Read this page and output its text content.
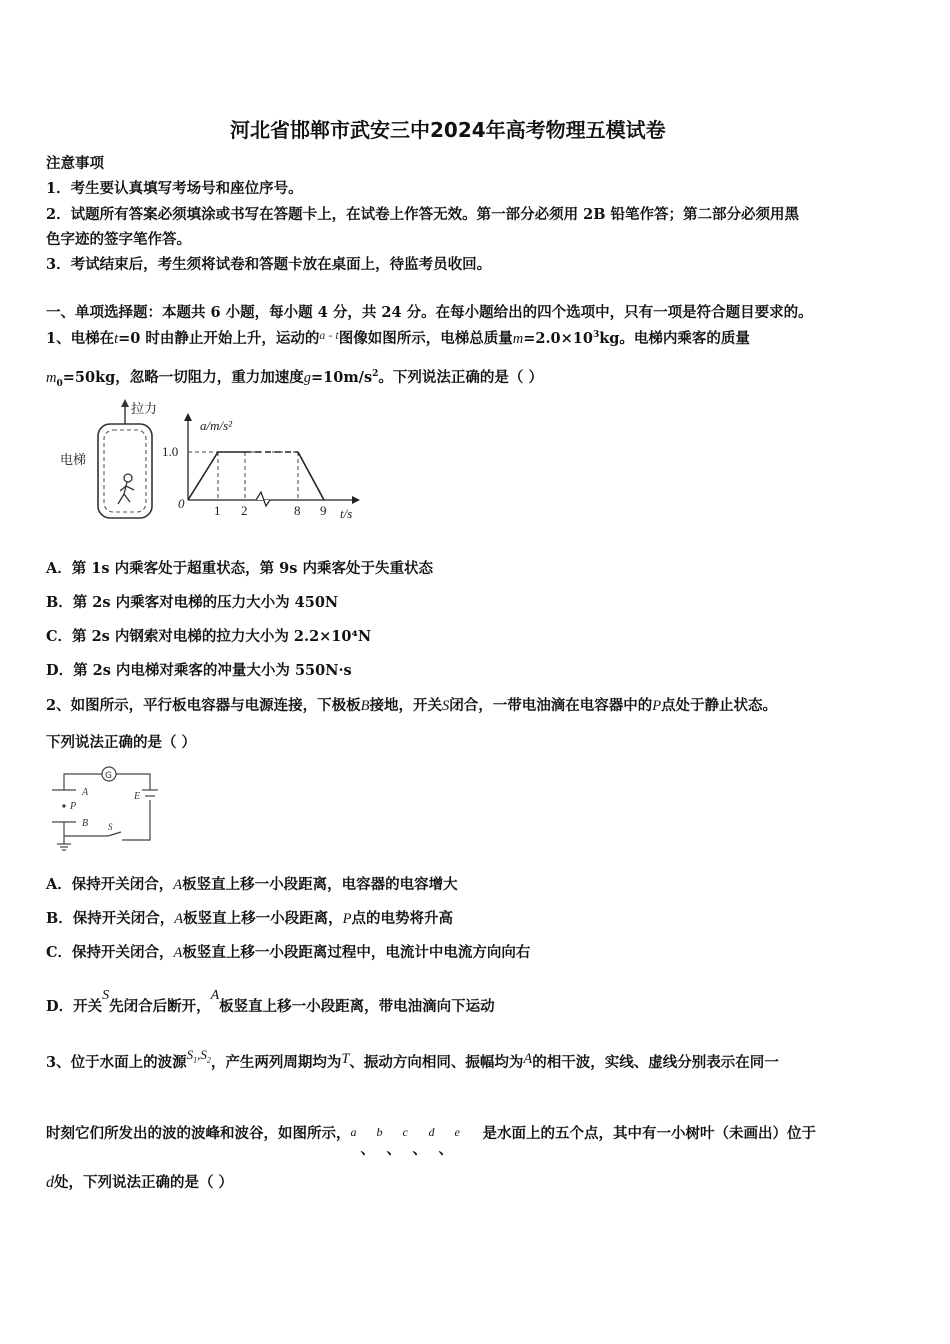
河北省邯郸市武安三中2024年高考物理五模试卷
注意事项
1．考生要认真填写考场号和座位序号。
2．试题所有答案必须填涂或书写在答题卡上，在试卷上作答无效。第一部分必须用 2B 铅笔作答；第二部分必须用黑
色字迹的签字笔作答。
3．考试结束后，考生须将试卷和答题卡放在桌面上，待监考员收回。
一、单项选择题：本题共 6 小题，每小题 4 分，共 24 分。在每小题给出的四个选项中，只有一项是符合题目要求的。
1、电梯在t=0 时由静止开始上升，运动的$^{a - t}$图像如图所示，电梯总质量$m=2.0\times 10^3kg$。电梯内乘客的质量
$m_0=50kg$，忽略一切阻力，重力加速度$g=10m/s^2$。下列说法正确的是（ ）
拉力
电梯
a/m/s²
t/s
1.0
0 1 2	8 9
A．第 1s 内乘客处于超重状态，第 9s 内乘客处于失重状态
B．第 2s 内乘客对电梯的压力大小为 450N
C．第 2s 内钢索对电梯的拉力大小为 2.2×10⁴N
D．第 2s 内电梯对乘客的冲量大小为 550N·s
2、如图所示，平行板电容器与电源连接，下极板B接地，开关S闭合，一带电油滴在电容器中的P点处于静止状态。
下列说法正确的是（ ）
G
A
P
B
E
S
A．保持开关闭合，A板竖直上移一小段距离，电容器的电容增大
B．保持开关闭合，A板竖直上移一小段距离，P点的电势将升高
C．保持开关闭合，A板竖直上移一小段距离过程中，电流计中电流方向向右
D．开关S先闭合后断开，A板竖直上移一小段距离，带电油滴向下运动
3、位于水面上的波源$S_1,S_2$，产生两列周期均为T、振动方向相同、振幅均为A的相干波，实线、虚线分别表示在同一
时刻它们所发出的波的波峰和波谷，如图所示， a
、
b
、
c
、
d
、
e 是水面上的五个点，其中有一小树叶（未画出）位于
d处，下列说法正确的是（ ）
